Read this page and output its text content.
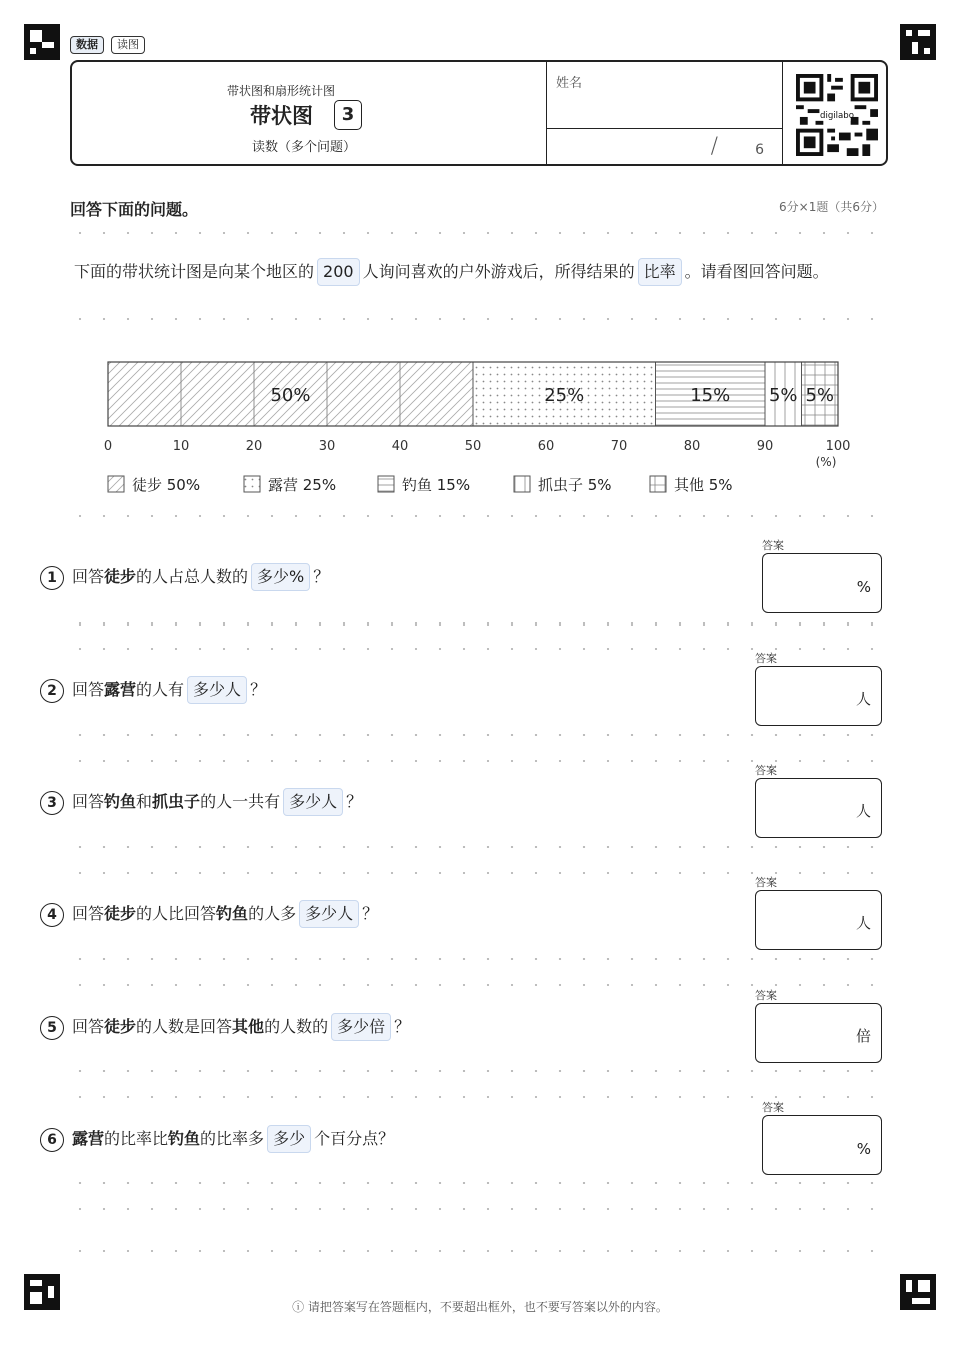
数据	读图
带状图和扇形统计图
带状图	3
读数（多个问题）
姓名
/	6
digilabo
回答下面的问题。	6分×1题（共6分）
下面的带状统计图是向某个地区的 200 人询问喜欢的户外游戏后，所得结果的 比率 。请看图回答问题。
50%	25%	15% 5% 5%
0	10	20	30	40	50	60	70	80	90	100
(%)
徒步 50%	露营 25%	钓鱼 15%	抓虫子 5%	其他 5%
1 回答徒步的人占总人数的 多少% ？
答案
%
2 回答露营的人有 多少人 ？
答案
人
3 回答钓鱼和抓虫子的人一共有 多少人 ？
答案
人
4 回答徒步的人比回答钓鱼的人多 多少人 ？
答案
人
5 回答徒步的人数是回答其他的人数的 多少倍 ？
答案
倍
6 露营的比率比钓鱼的比率多 多少 个百分点？
答案
%
ⓘ 请把答案写在答题框内，不要超出框外，也不要写答案以外的内容。
